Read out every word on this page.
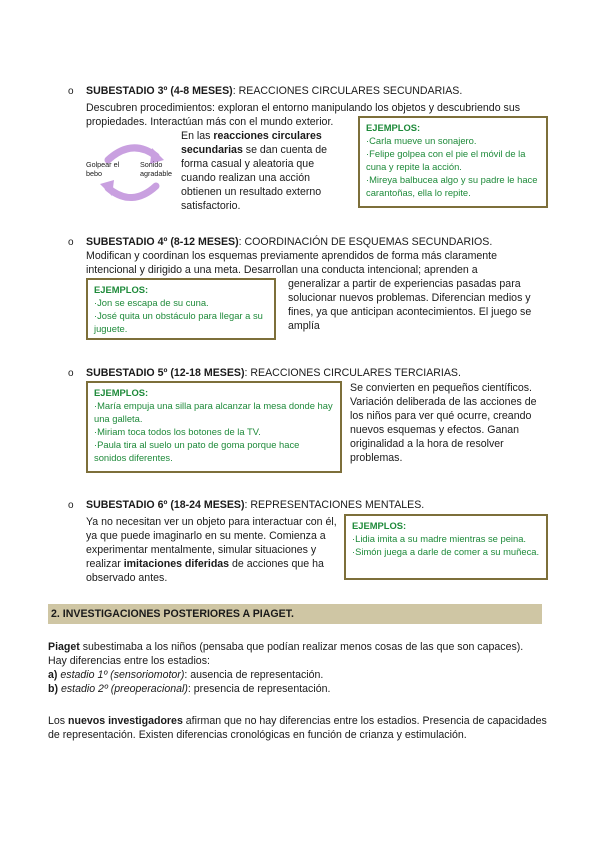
o SUBESTADIO 3º (4-8 MESES): REACCIONES CIRCULARES SECUNDARIAS.
Descubren procedimientos: exploran el entorno manipulando los objetos y descubriendo sus
propiedades. Interactúan más con el mundo exterior.
Golpear el bebo
Sonido agradable
En las reacciones circulares secundarias se dan cuenta de forma casual y aleatoria que cuando realizan una acción obtienen un resultado externo satisfactorio.
EJEMPLOS:
·Carla mueve un sonajero.
·Felipe golpea con el pie el móvil de la cuna y repite la acción.
·Mireya balbucea algo y su padre le hace carantoñas, ella lo repite.
o SUBESTADIO 4º (8-12 MESES): COORDINACIÓN DE ESQUEMAS SECUNDARIOS.
Modifican y coordinan los esquemas previamente aprendidos de forma más claramente
intencional y dirigido a una meta. Desarrollan una conducta intencional; aprenden a
EJEMPLOS:
·Jon se escapa de su cuna.
·José quita un obstáculo para llegar a su juguete.
generalizar a partir de experiencias pasadas para solucionar nuevos problemas. Diferencian medios y fines, ya que anticipan acontecimientos. El juego se amplía
o SUBESTADIO 5º (12-18 MESES): REACCIONES CIRCULARES TERCIARIAS.
EJEMPLOS:
·María empuja una silla para alcanzar la mesa donde hay una galleta.
·Miriam toca todos los botones de la TV.
·Paula tira al suelo un pato de goma porque hace sonidos diferentes.
Se convierten en pequeños científicos. Variación deliberada de las acciones de los niños para ver qué ocurre, creando nuevos esquemas y efectos. Ganan originalidad a la hora de resolver problemas.
o SUBESTADIO 6º (18-24 MESES): REPRESENTACIONES MENTALES.
Ya no necesitan ver un objeto para interactuar con él, ya que puede imaginarlo en su mente. Comienza a experimentar mentalmente, simular situaciones y realizar imitaciones diferidas de acciones que ha observado antes.
EJEMPLOS:
·Lidia imita a su madre mientras se peina.
·Simón juega a darle de comer a su muñeca.
2. INVESTIGACIONES POSTERIORES A PIAGET.
Piaget subestimaba a los niños (pensaba que podían realizar menos cosas de las que son capaces).
Hay diferencias entre los estadios:
a) estadio 1º (sensoriomotor): ausencia de representación.
b) estadio 2º (preoperacional): presencia de representación.
Los nuevos investigadores afirman que no hay diferencias entre los estadios. Presencia de capacidades de representación. Existen diferencias cronológicas en función de crianza y estimulación.
